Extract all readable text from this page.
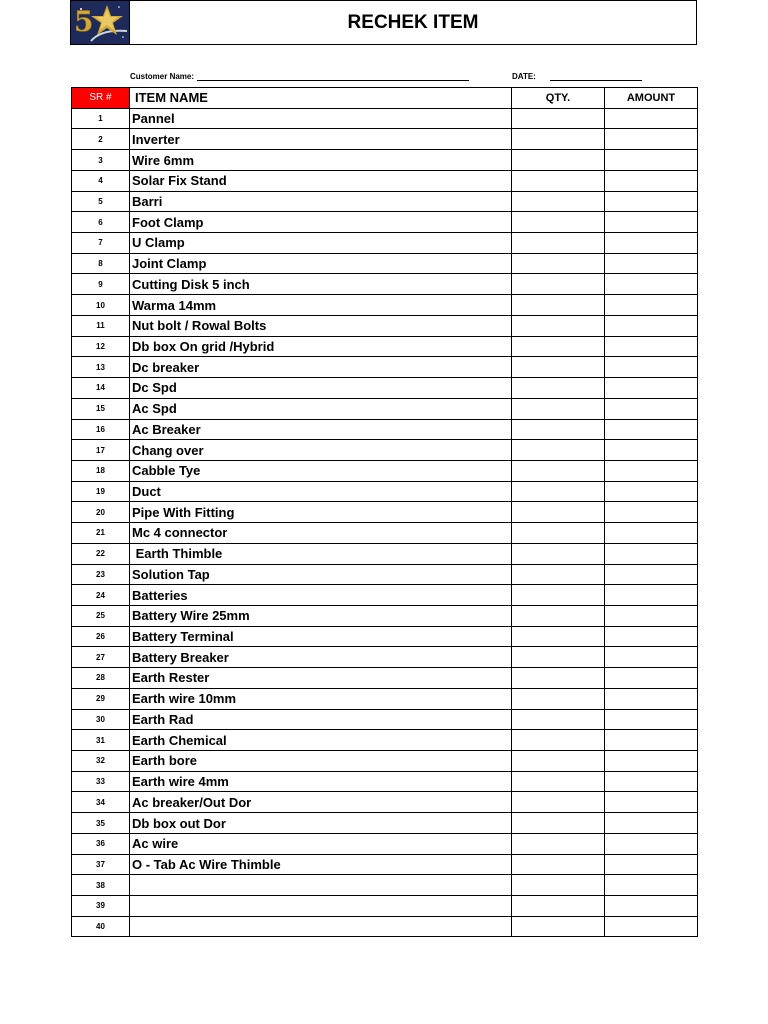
5	RECHEK ITEM
Customer Name:	DATE:
SR #	ITEM NAME	QTY.	AMOUNT
1	Pannel		
2	Inverter		
3	Wire 6mm		
4	Solar Fix Stand		
5	Barri		
6	Foot Clamp		
7	U Clamp		
8	Joint Clamp		
9	Cutting Disk 5 inch		
10	Warma 14mm		
11	Nut bolt / Rowal Bolts		
12	Db box On grid /Hybrid		
13	Dc breaker		
14	Dc Spd		
15	Ac Spd		
16	Ac Breaker		
17	Chang over		
18	Cabble Tye		
19	Duct		
20	Pipe With Fitting		
21	Mc 4 connector		
22	Earth Thimble		
23	Solution Tap		
24	Batteries		
25	Battery Wire 25mm		
26	Battery Terminal		
27	Battery Breaker		
28	Earth Rester		
29	Earth wire 10mm		
30	Earth Rad		
31	Earth Chemical		
32	Earth bore		
33	Earth wire 4mm		
34	Ac breaker/Out Dor		
35	Db box out Dor		
36	Ac wire		
37	O - Tab Ac Wire Thimble		
38			
39			
40			
